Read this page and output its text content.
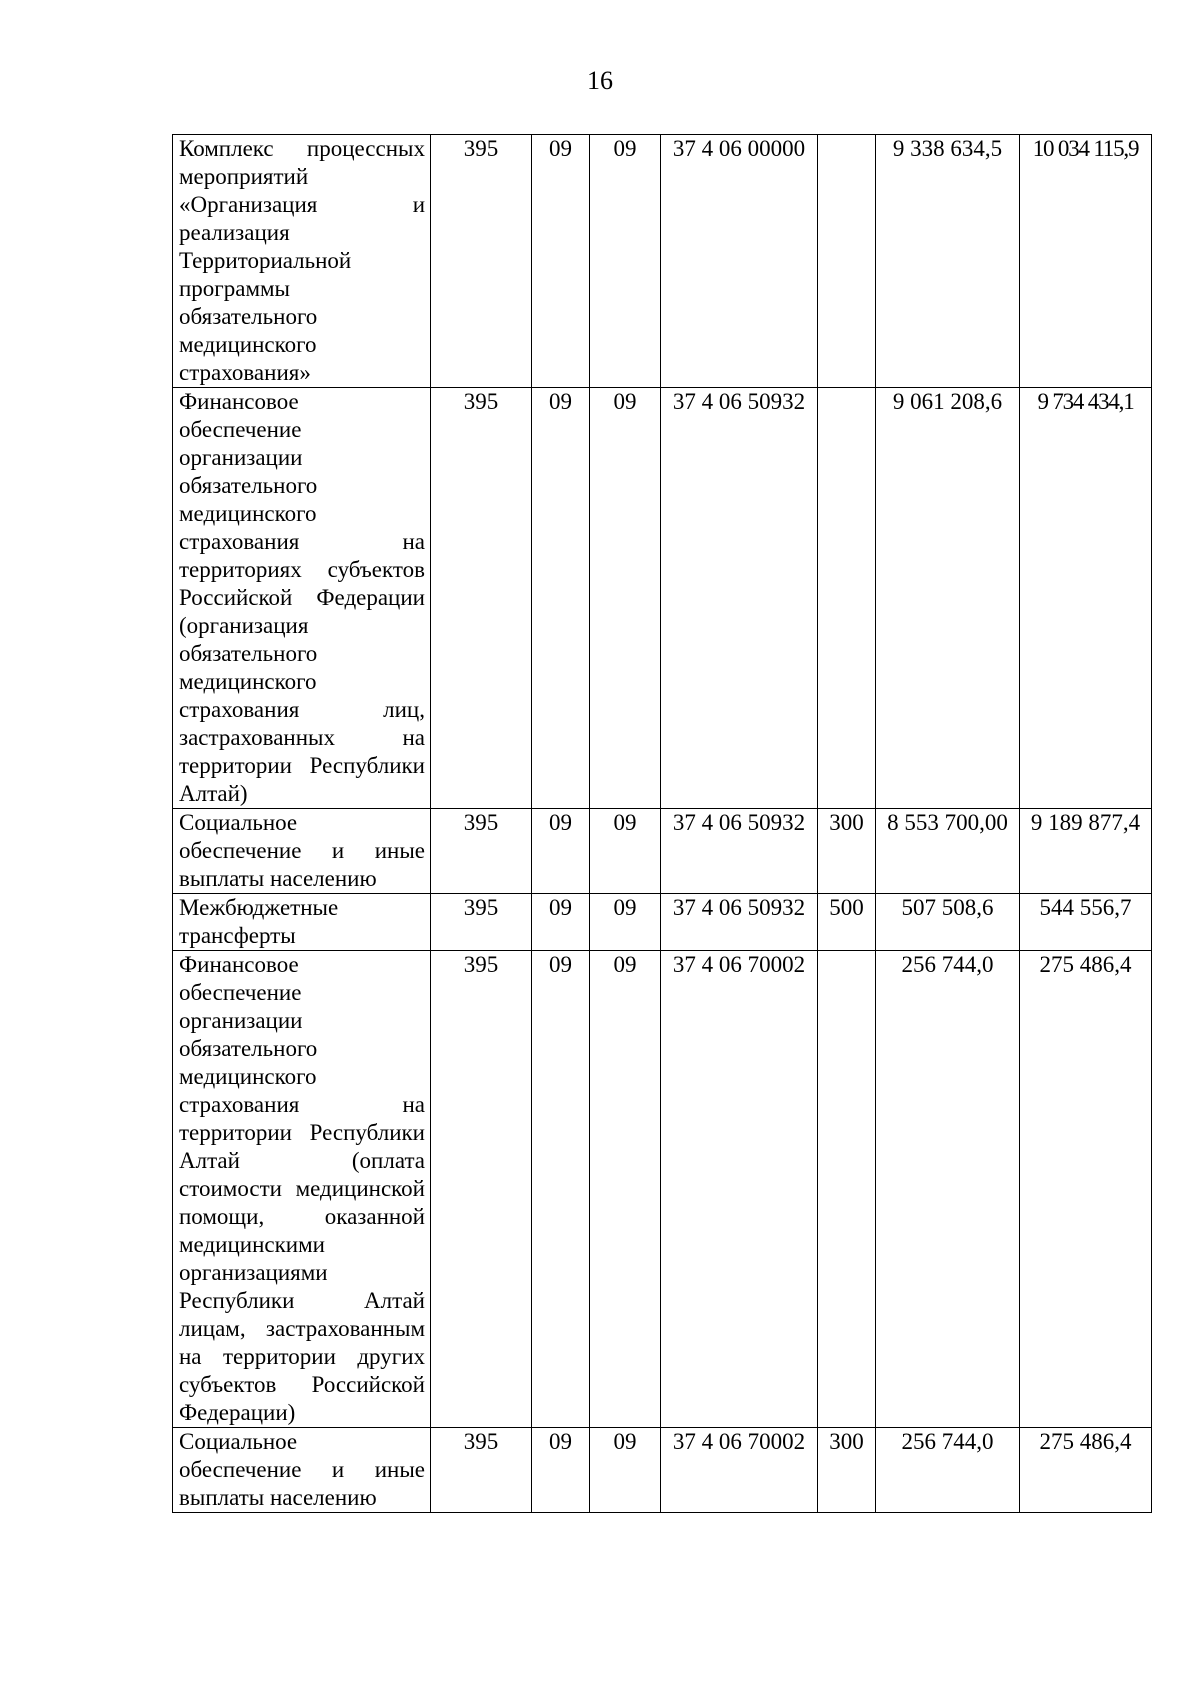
16
Комплекс процессных мероприятий «Организация и реализация Территориальной программы обязательного медицинского страхования»	395	09	09	37 4 06 00000		9 338 634,5	10 034 115,9
Финансовое обеспечение организации обязательного медицинского страхования на территориях субъектов Российской Федерации (организация обязательного медицинского страхования лиц, застрахованных на территории Республики Алтай)	395	09	09	37 4 06 50932		9 061 208,6	9 734 434,1
Социальное обеспечение и иные выплаты населению	395	09	09	37 4 06 50932	300	8 553 700,00	9 189 877,4
Межбюджетные трансферты	395	09	09	37 4 06 50932	500	507 508,6	544 556,7
Финансовое обеспечение организации обязательного медицинского страхования на территории Республики Алтай (оплата стоимости медицинской помощи, оказанной медицинскими организациями Республики Алтай лицам, застрахованным на территории других субъектов Российской Федерации)	395	09	09	37 4 06 70002		256 744,0	275 486,4
Социальное обеспечение и иные выплаты населению	395	09	09	37 4 06 70002	300	256 744,0	275 486,4
